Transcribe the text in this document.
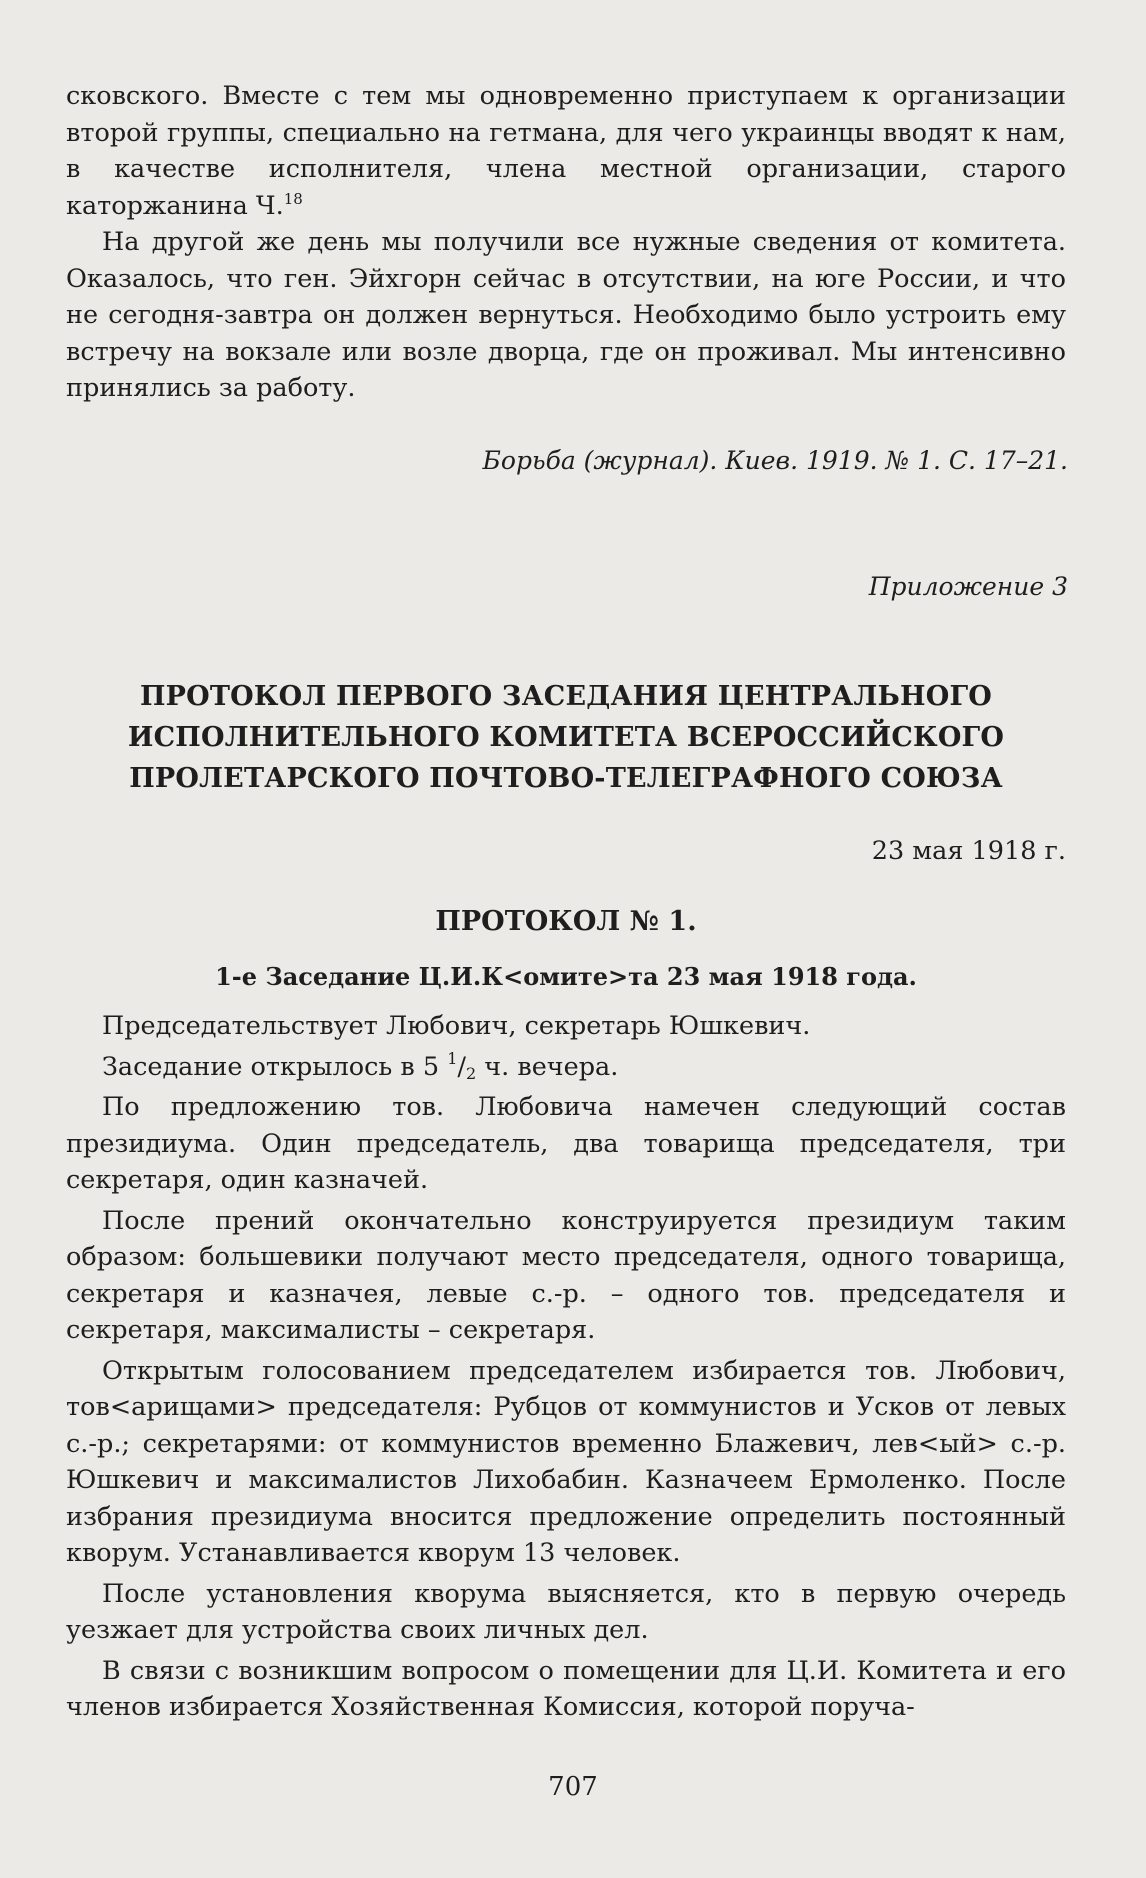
сковского. Вместе с тем мы одновременно приступаем к организации второй группы, специально на гетмана, для чего украинцы вводят к нам, в качестве исполнителя, члена местной организации, старого каторжанина Ч.$^{18}$

На другой же день мы получили все нужные сведения от комитета. Оказалось, что ген. Эйхгорн сейчас в отсутствии, на юге России, и что не сегодня-завтра он должен вернуться. Необходимо было устроить ему встречу на вокзале или возле дворца, где он проживал. Мы интенсивно принялись за работу.

Борьба (журнал). Киев. 1919. № 1. С. 17–21.
Приложение 3
ПРОТОКОЛ ПЕРВОГО ЗАСЕДАНИЯ ЦЕНТРАЛЬНОГО
ИСПОЛНИТЕЛЬНОГО КОМИТЕТА ВСЕРОССИЙСКОГО
ПРОЛЕТАРСКОГО ПОЧТОВО-ТЕЛЕГРАФНОГО СОЮЗА
23 мая 1918 г.
ПРОТОКОЛ № 1.
1-е Заседание Ц.И.К<омите>та 23 мая 1918 года.

Председательствует Любович, секретарь Юшкевич.

Заседание открылось в 5 $^1$/2 ч. вечера.

По предложению тов. Любовича намечен следующий состав президиума. Один председатель, два товарища председателя, три секретаря, один казначей.

После прений окончательно конструируется президиум таким образом: большевики получают место председателя, одного товарища, секретаря и казначея, левые с.-р. – одного тов. председателя и секретаря, максималисты – секретаря.

Открытым голосованием председателем избирается тов. Любович, тов<арищами> председателя: Рубцов от коммунистов и Усков от левых с.-р.; секретарями: от коммунистов временно Блажевич, лев<ый> с.-р. Юшкевич и максималистов Лихобабин. Казначеем Ермоленко. После избрания президиума вносится предложение определить постоянный кворум. Устанавливается кворум 13 человек.

После установления кворума выясняется, кто в первую очередь уезжает для устройства своих личных дел.

В связи с возникшим вопросом о помещении для Ц.И. Комитета и его членов избирается Хозяйственная Комиссия, которой поруча-

707
